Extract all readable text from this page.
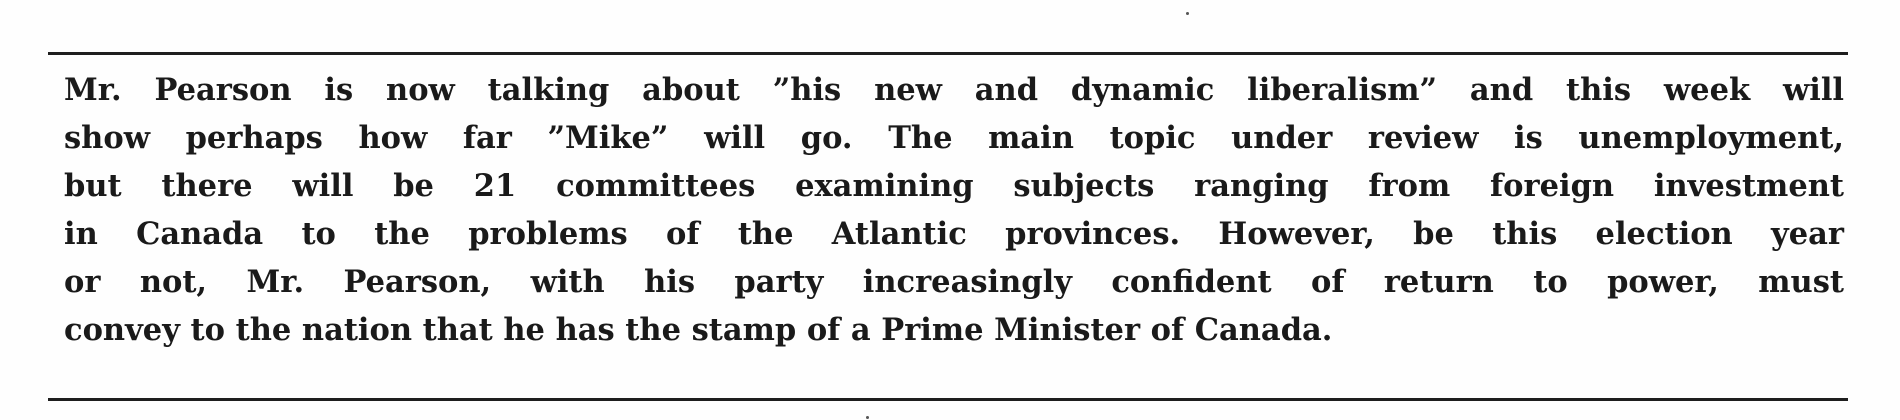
Mr. Pearson is now talking about ”his new and dynamic liberalism” and this week will
show perhaps how far ”Mike” will go. The main topic under review is unemployment,
but there will be 21 committees examining subjects ranging from foreign investment
in Canada to the problems of the Atlantic provinces. However, be this election year
or not, Mr. Pearson, with his party increasingly confident of return to power, must
convey to the nation that he has the stamp of a Prime Minister of Canada.
